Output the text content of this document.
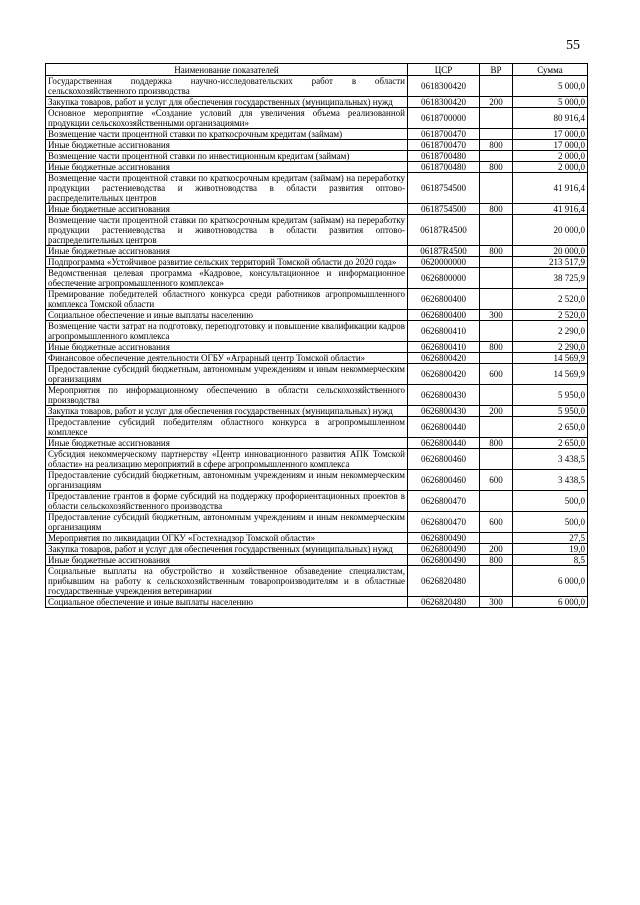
55
Наименование показателей	ЦСР	ВР	Сумма
Государственная поддержка научно-исследовательских работ в области сельскохозяйственного производства	0618300420		5 000,0
Закупка товаров, работ и услуг для обеспечения государственных (муниципальных) нужд	0618300420	200	5 000,0
Основное мероприятие «Создание условий для увеличения объема реализованной продукции сельскохозяйственными организациями»	0618700000		80 916,4
Возмещение части процентной ставки по краткосрочным кредитам (займам)	0618700470		17 000,0
Иные бюджетные ассигнования	0618700470	800	17 000,0
Возмещение части процентной ставки по инвестиционным кредитам (займам)	0618700480		2 000,0
Иные бюджетные ассигнования	0618700480	800	2 000,0
Возмещение части процентной ставки по краткосрочным кредитам (займам) на переработку продукции растениеводства и животноводства в области развития оптово-распределительных центров	0618754500		41 916,4
Иные бюджетные ассигнования	0618754500	800	41 916,4
Возмещение части процентной ставки по краткосрочным кредитам (займам) на переработку продукции растениеводства и животноводства в области развития оптово-распределительных центров	06187R4500		20 000,0
Иные бюджетные ассигнования	06187R4500	800	20 000,0
Подпрограмма «Устойчивое развитие сельских территорий Томской области до 2020 года»	0620000000		213 517,9
Ведомственная целевая программа «Кадровое, консультационное и информационное обеспечение агропромышленного комплекса»	0626800000		38 725,9
Премирование победителей областного конкурса среди работников агропромышленного комплекса Томской области	0626800400		2 520,0
Социальное обеспечение и иные выплаты населению	0626800400	300	2 520,0
Возмещение части затрат на подготовку, переподготовку и повышение квалификации кадров агропромышленного комплекса	0626800410		2 290,0
Иные бюджетные ассигнования	0626800410	800	2 290,0
Финансовое обеспечение деятельности ОГБУ «Аграрный центр Томской области»	0626800420		14 569,9
Предоставление субсидий бюджетным, автономным учреждениям и иным некоммерческим организациям	0626800420	600	14 569,9
Мероприятия по информационному обеспечению в области сельскохозяйственного производства	0626800430		5 950,0
Закупка товаров, работ и услуг для обеспечения государственных (муниципальных) нужд	0626800430	200	5 950,0
Предоставление субсидий победителям областного конкурса в агропромышленном комплексе	0626800440		2 650,0
Иные бюджетные ассигнования	0626800440	800	2 650,0
Субсидия некоммерческому партнерству «Центр инновационного развития АПК Томской области» на реализацию мероприятий в сфере агропромышленного комплекса	0626800460		3 438,5
Предоставление субсидий бюджетным, автономным учреждениям и иным некоммерческим организациям	0626800460	600	3 438,5
Предоставление грантов в форме субсидий на поддержку профориентационных проектов в области сельскохозяйственного производства	0626800470		500,0
Предоставление субсидий бюджетным, автономным учреждениям и иным некоммерческим организациям	0626800470	600	500,0
Мероприятия по ликвидации ОГКУ «Гостехнадзор Томской области»	0626800490		27,5
Закупка товаров, работ и услуг для обеспечения государственных (муниципальных) нужд	0626800490	200	19,0
Иные бюджетные ассигнования	0626800490	800	8,5
Социальные выплаты на обустройство и хозяйственное обзаведение специалистам, прибывшим на работу к сельскохозяйственным товаропроизводителям и в областные государственные учреждения ветеринарии	0626820480		6 000,0
Социальное обеспечение и иные выплаты населению	0626820480	300	6 000,0
